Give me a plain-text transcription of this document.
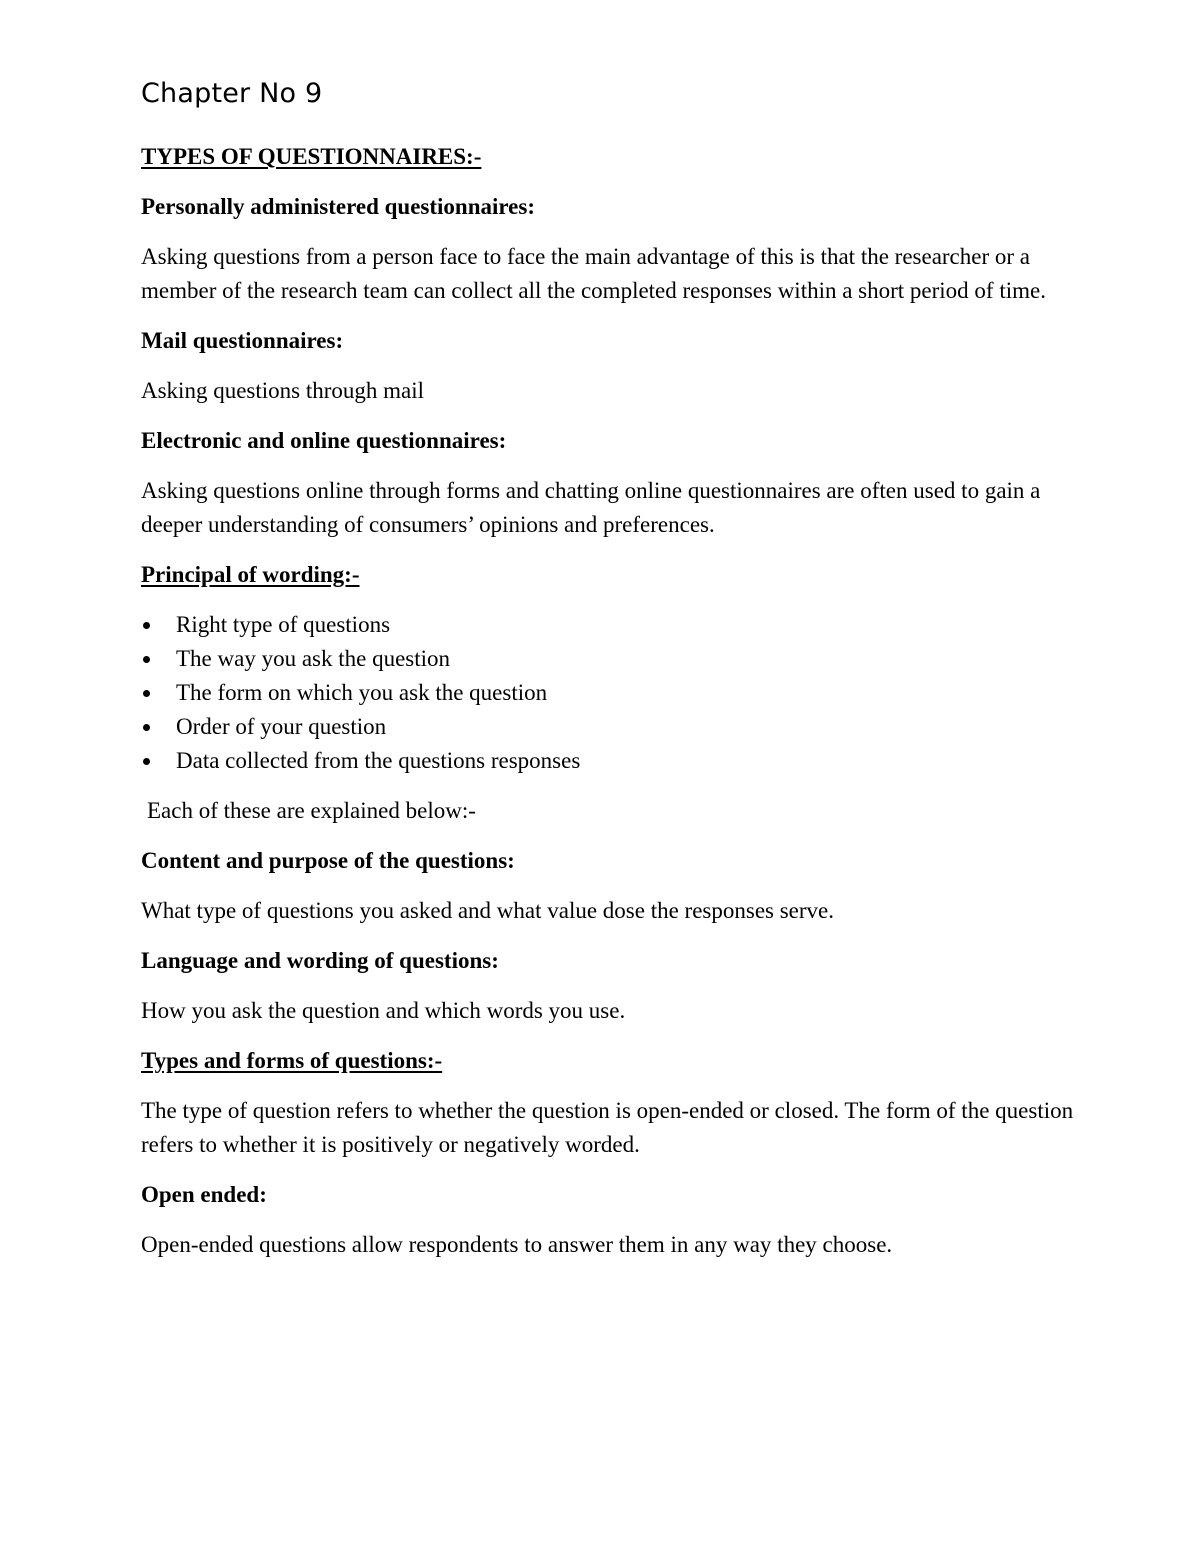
Chapter No 9
TYPES OF QUESTIONNAIRES:-
Personally administered questionnaires:
Asking questions from a person face to face the main advantage of this is that the researcher or a member of the research team can collect all the completed responses within a short period of time.
Mail questionnaires:
Asking questions through mail
Electronic and online questionnaires:
Asking questions online through forms and chatting online questionnaires are often used to gain a deeper understanding of consumers’ opinions and preferences.
Principal of wording:-
Right type of questions
The way you ask the question
The form on which you ask the question
Order of your question
Data collected from the questions responses
Each of these are explained below:-
Content and purpose of the questions:
What type of questions you asked and what value dose the responses serve.
Language and wording of questions:
How you ask the question and which words you use.
Types and forms of questions:-
The type of question refers to whether the question is open-ended or closed. The form of the question refers to whether it is positively or negatively worded.
Open ended:
Open-ended questions allow respondents to answer them in any way they choose.
